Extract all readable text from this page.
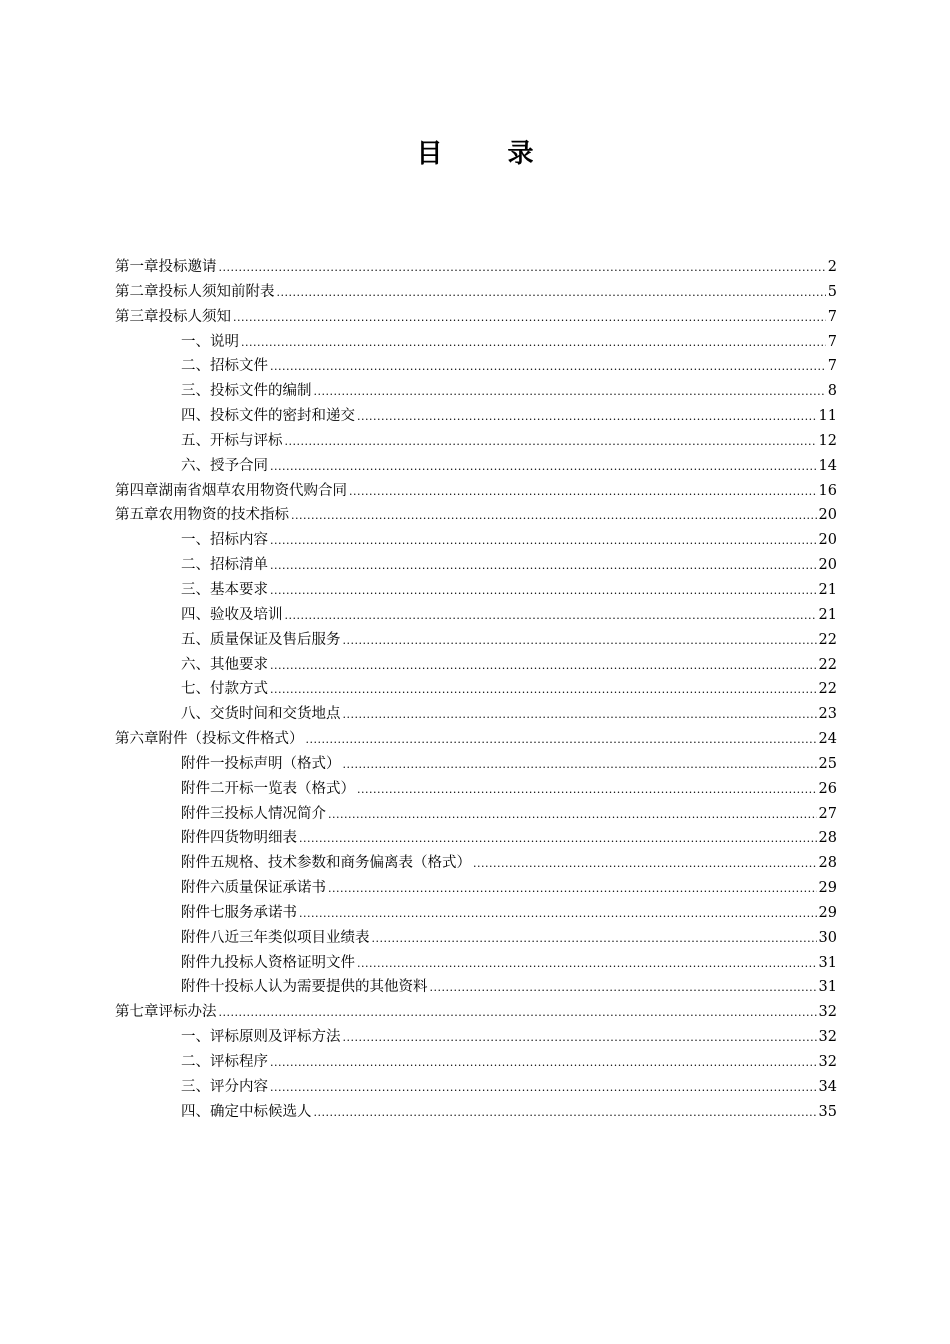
目 录
第一章 投标邀请 .....	2
第二章 投标人须知前附表 .....	5
第三章 投标人须知 .....	7
一、说明 .....	7
二、招标文件 .....	7
三、投标文件的编制 .....	8
四、投标文件的密封和递交 .....	11
五、开标与评标 .....	12
六、授予合同 .....	14
第四章 湖南省烟草农用物资代购合同 .....	16
第五章 农用物资的技术指标 .....	20
一、招标内容 .....	20
二、招标清单 .....	20
三、基本要求 .....	21
四、验收及培训 .....	21
五、质量保证及售后服务 .....	22
六、其他要求 .....	22
七、付款方式 .....	22
八、交货时间和交货地点 .....	23
第六章 附件（投标文件格式） .....	24
附件一 投标声明（格式） .....	25
附件二 开标一览表（格式） .....	26
附件三 投标人情况简介 .....	27
附件四 货物明细表 .....	28
附件五 规格、技术参数和商务偏离表（格式） .....	28
附件六 质量保证承诺书 .....	29
附件七 服务承诺书 .....	29
附件八 近三年类似项目业绩表 .....	30
附件九 投标人资格证明文件 .....	31
附件十 投标人认为需要提供的其他资料 .....	31
第七章 评标办法 .....	32
一、评标原则及评标方法 .....	32
二、评标程序 .....	32
三、评分内容 .....	34
四、确定中标候选人 .....	35
